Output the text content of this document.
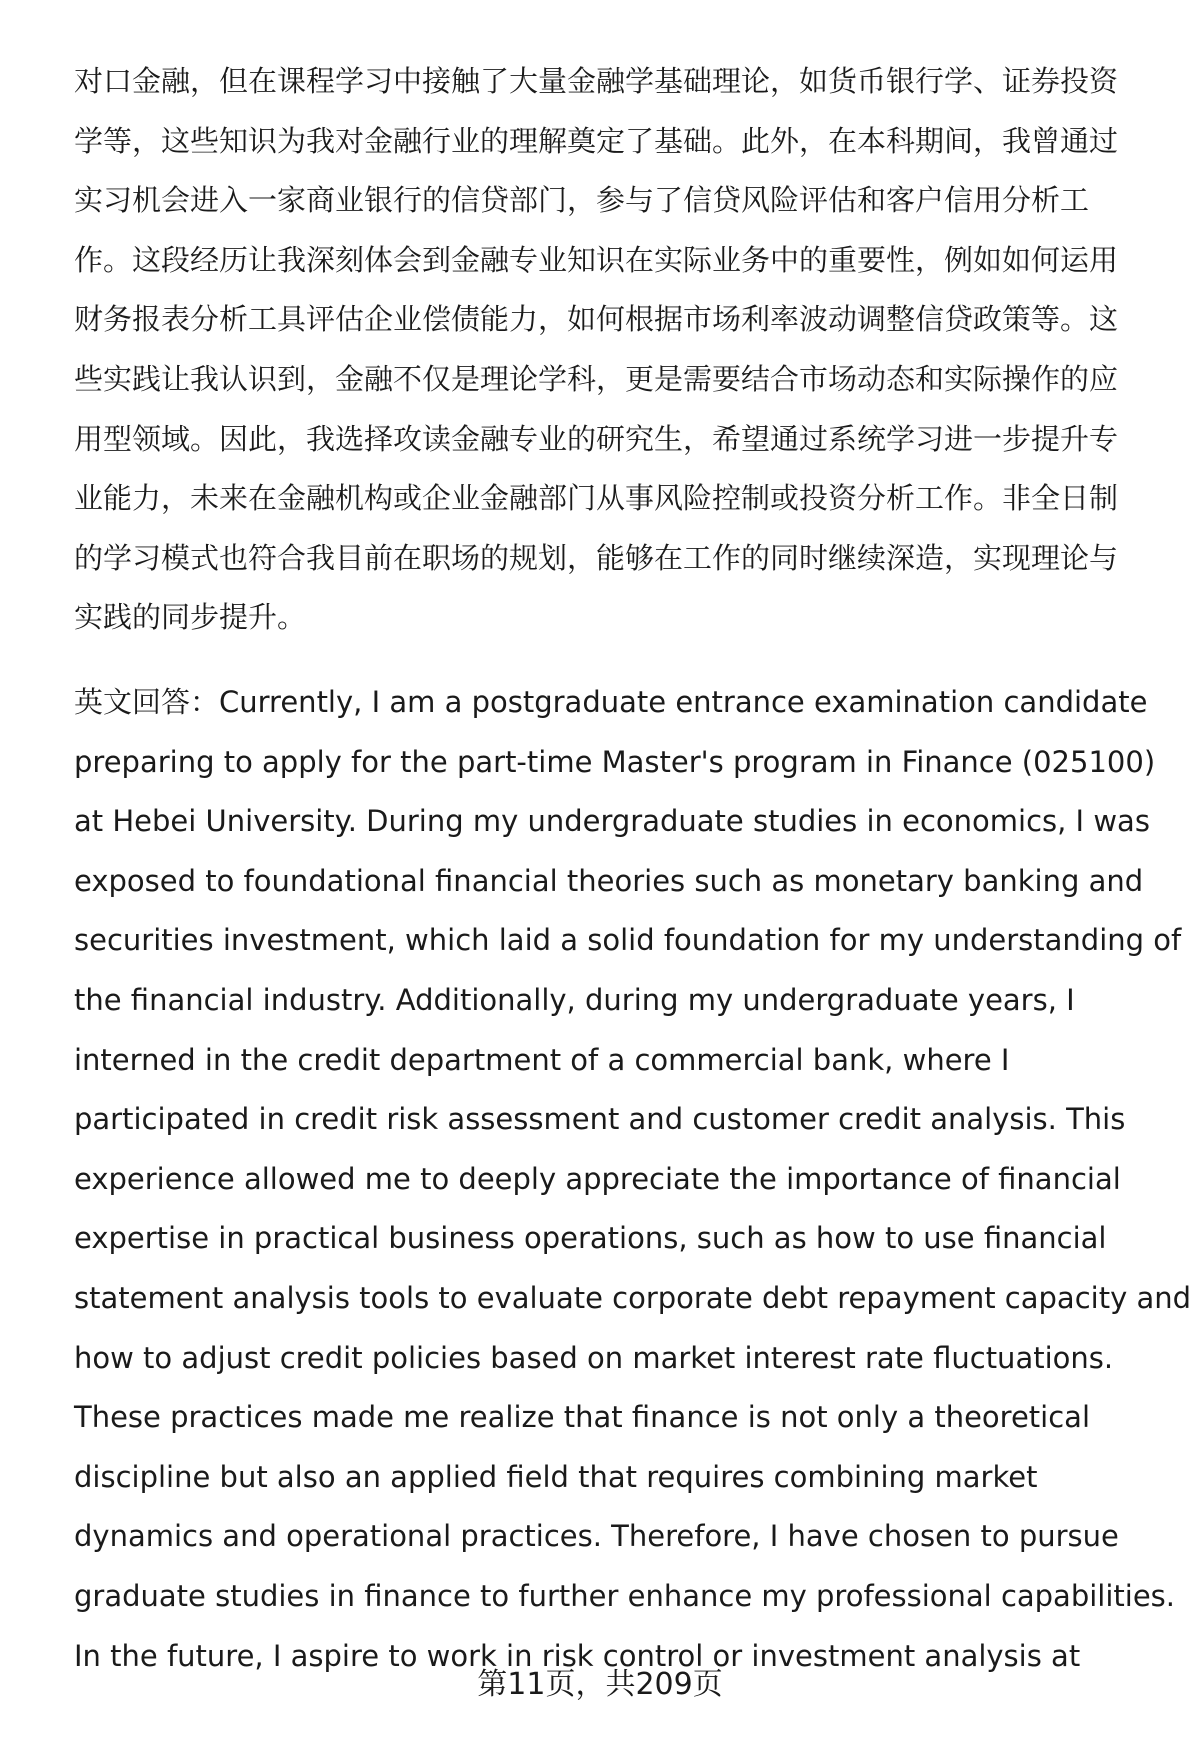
对口金融，但在课程学习中接触了大量金融学基础理论，如货币银行学、证券投资
学等，这些知识为我对金融行业的理解奠定了基础。此外，在本科期间，我曾通过
实习机会进入一家商业银行的信贷部门，参与了信贷风险评估和客户信用分析工
作。这段经历让我深刻体会到金融专业知识在实际业务中的重要性，例如如何运用
财务报表分析工具评估企业偿债能力，如何根据市场利率波动调整信贷政策等。这
些实践让我认识到，金融不仅是理论学科，更是需要结合市场动态和实际操作的应
用型领域。因此，我选择攻读金融专业的研究生，希望通过系统学习进一步提升专
业能力，未来在金融机构或企业金融部门从事风险控制或投资分析工作。非全日制
的学习模式也符合我目前在职场的规划，能够在工作的同时继续深造，实现理论与
实践的同步提升。
英文回答：Currently, I am a postgraduate entrance examination candidate
preparing to apply for the part-time Master's program in Finance (025100)
at Hebei University. During my undergraduate studies in economics, I was
exposed to foundational financial theories such as monetary banking and
securities investment, which laid a solid foundation for my understanding of
the financial industry. Additionally, during my undergraduate years, I
interned in the credit department of a commercial bank, where I
participated in credit risk assessment and customer credit analysis. This
experience allowed me to deeply appreciate the importance of financial
expertise in practical business operations, such as how to use financial
statement analysis tools to evaluate corporate debt repayment capacity and
how to adjust credit policies based on market interest rate fluctuations.
These practices made me realize that finance is not only a theoretical
discipline but also an applied field that requires combining market
dynamics and operational practices. Therefore, I have chosen to pursue
graduate studies in finance to further enhance my professional capabilities.
In the future, I aspire to work in risk control or investment analysis at
第11页，共209页
